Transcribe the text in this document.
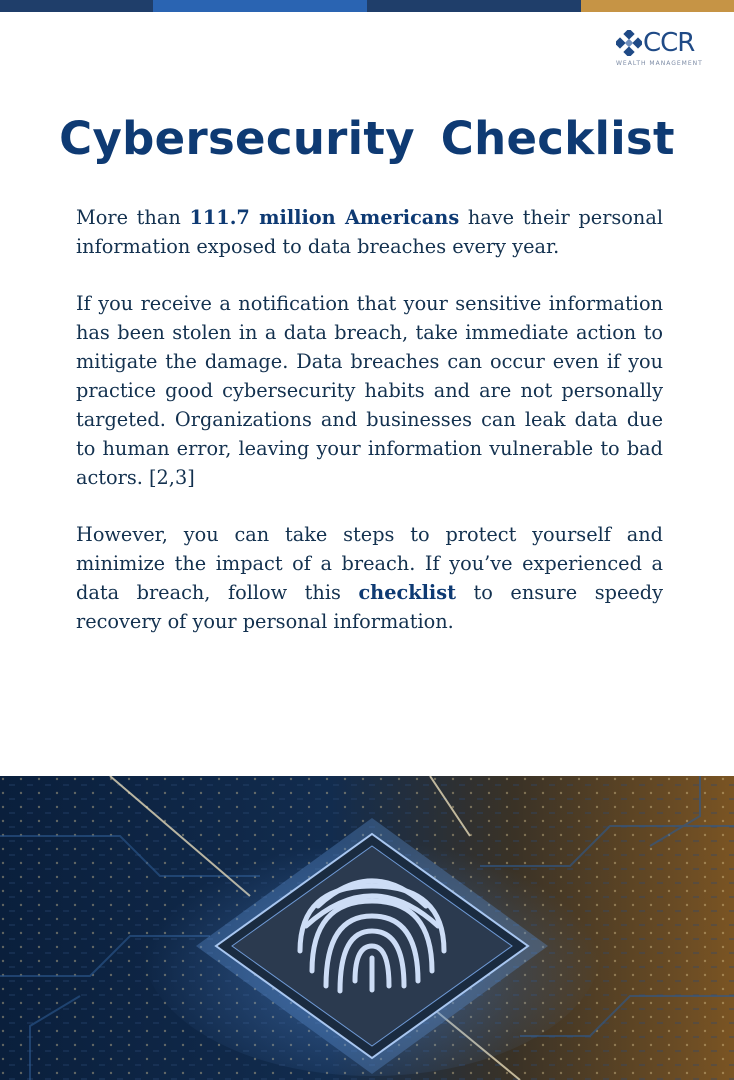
CCR
WEALTH MANAGEMENT
Cybersecurity Checklist

More than 111.7 million Americans have their personal information exposed to data breaches every year.

If you receive a notification that your sensitive information has been stolen in a data breach, take immediate action to mitigate the damage. Data breaches can occur even if you practice good cybersecurity habits and are not personally targeted. Organizations and businesses can leak data due to human error, leaving your information vulnerable to bad actors. [2,3]

However, you can take steps to protect yourself and minimize the impact of a breach. If you’ve experienced a data breach, follow this checklist to ensure speedy recovery of your personal information.
